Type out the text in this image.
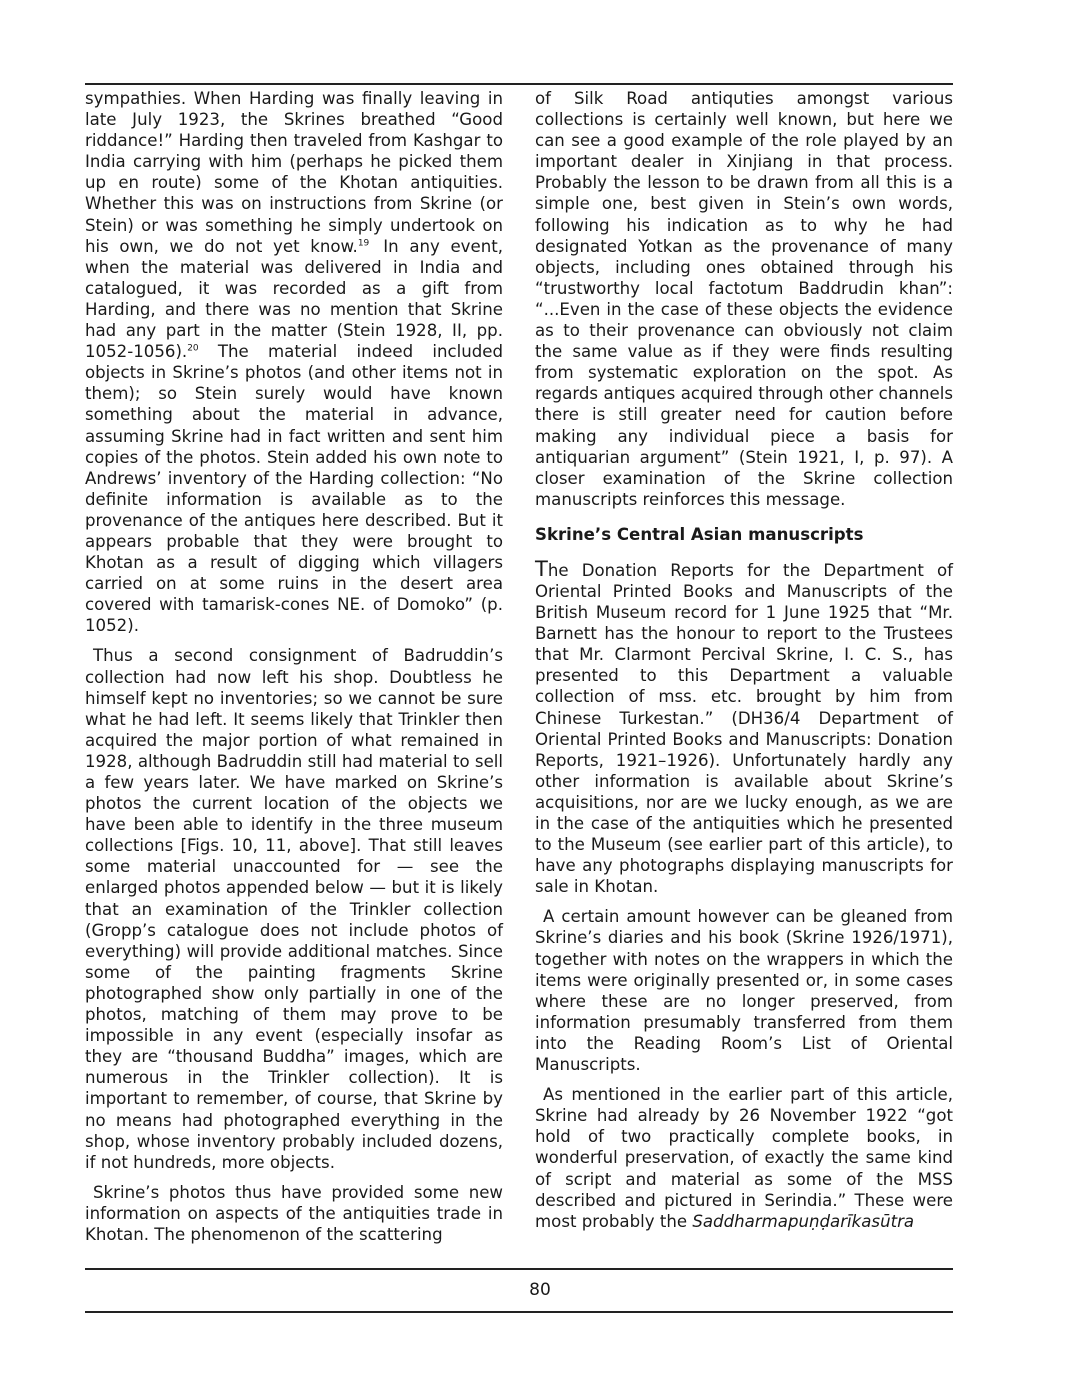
sympathies. When Harding was finally leaving in late July 1923, the Skrines breathed “Good riddance!” Harding then traveled from Kashgar to India carrying with him (perhaps he picked them up en route) some of the Khotan antiquities. Whether this was on instructions from Skrine (or Stein) or was something he simply undertook on his own, we do not yet know.$^{19}$ In any event, when the material was delivered in India and catalogued, it was recorded as a gift from Harding, and there was no mention that Skrine had any part in the matter (Stein 1928, II, pp. 1052-1056).$^{20}$ The material indeed included objects in Skrine’s photos (and other items not in them); so Stein surely would have known something about the material in advance, assuming Skrine had in fact written and sent him copies of the photos. Stein added his own note to Andrews’ inventory of the Harding collection: “No definite information is available as to the provenance of the antiques here described. But it appears probable that they were brought to Khotan as a result of digging which villagers carried on at some ruins in the desert area covered with tamarisk-cones NE. of Domoko” (p. 1052).

Thus a second consignment of Badruddin’s collection had now left his shop. Doubtless he himself kept no inventories; so we cannot be sure what he had left. It seems likely that Trinkler then acquired the major portion of what remained in 1928, although Badruddin still had material to sell a few years later. We have marked on Skrine’s photos the current location of the objects we have been able to identify in the three museum collections [Figs. 10, 11, above]. That still leaves some material unaccounted for — see the enlarged photos appended below — but it is likely that an examination of the Trinkler collection (Gropp’s catalogue does not include photos of everything) will provide additional matches. Since some of the painting fragments Skrine photographed show only partially in one of the photos, matching of them may prove to be impossible in any event (especially insofar as they are “thousand Buddha” images, which are numerous in the Trinkler collection). It is important to remember, of course, that Skrine by no means had photographed everything in the shop, whose inventory probably included dozens, if not hundreds, more objects.

Skrine’s photos thus have provided some new information on aspects of the antiquities trade in Khotan. The phenomenon of the scattering

of Silk Road antiquties amongst various collections is certainly well known, but here we can see a good example of the role played by an important dealer in Xinjiang in that process. Probably the lesson to be drawn from all this is a simple one, best given in Stein’s own words, following his indication as to why he had designated Yotkan as the provenance of many objects, including ones obtained through his “trustworthy local factotum Baddrudin khan”: “...Even in the case of these objects the evidence as to their provenance can obviously not claim the same value as if they were finds resulting from systematic exploration on the spot. As regards antiques acquired through other channels there is still greater need for caution before making any individual piece a basis for antiquarian argument” (Stein 1921, I, p. 97). A closer examination of the Skrine collection manuscripts reinforces this message.

Skrine’s Central Asian manuscripts

The Donation Reports for the Department of Oriental Printed Books and Manuscripts of the British Museum record for 1 June 1925 that “Mr. Barnett has the honour to report to the Trustees that Mr. Clarmont Percival Skrine, I. C. S., has presented to this Department a valuable collection of mss. etc. brought by him from Chinese Turkestan.” (DH36/4 Department of Oriental Printed Books and Manuscripts: Donation Reports, 1921–1926). Unfortunately hardly any other information is available about Skrine’s acquisitions, nor are we lucky enough, as we are in the case of the antiquities which he presented to the Museum (see earlier part of this article), to have any photographs displaying manuscripts for sale in Khotan.

A certain amount however can be gleaned from Skrine’s diaries and his book (Skrine 1926/1971), together with notes on the wrappers in which the items were originally presented or, in some cases where these are no longer preserved, from information presumably transferred from them into the Reading Room’s List of Oriental Manuscripts.

As mentioned in the earlier part of this article, Skrine had already by 26 November 1922 “got hold of two practically complete books, in wonderful preservation, of exactly the same kind of script and material as some of the MSS described and pictured in Serindia.” These were most probably the Saddharmapuṇḍarīkasūtra

80
